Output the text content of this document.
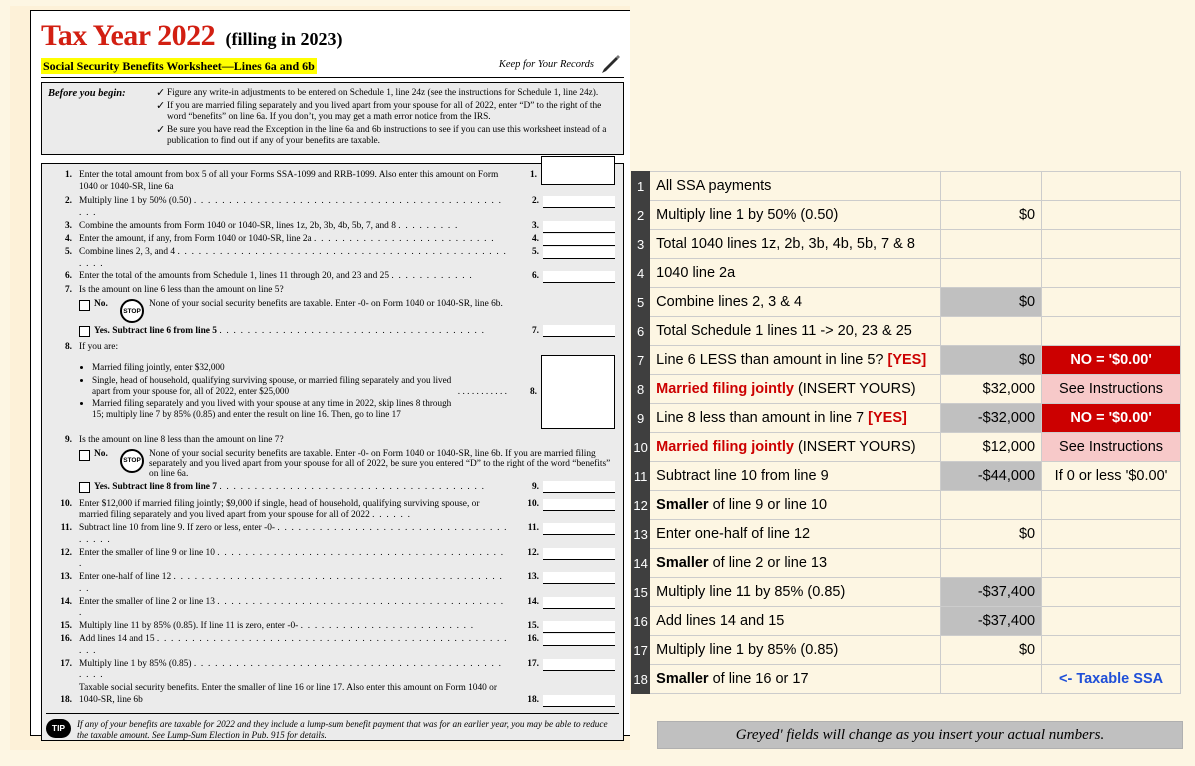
Tax Year 2022 (filling in 2023)
Social Security Benefits Worksheet—Lines 6a and 6b	Keep for Your Records
Before you begin:	✓ Figure any write-in adjustments to be entered on Schedule 1, line 24z (see the instructions for Schedule 1, line 24z).
✓ If you are married filing separately and you lived apart from your spouse for all of 2022, enter “D” to the right of the word “benefits” on line 6a. If you don’t, you may get a math error notice from the IRS.
✓ Be sure you have read the Exception in the line 6a and 6b instructions to see if you can use this worksheet instead of a publication to find out if any of your benefits are taxable.
1. Enter the total amount from box 5 of all your Forms SSA-1099 and RRB-1099. Also enter this amount on Form 1040 or 1040-SR, line 6a
1.
2. Multiply line 1 by 50% (0.50) . . . . . . . . . . . . . . . . . . . . . . . . . . . . . . . . . . . . . . . . . . . . . . .
2.
3. Combine the amounts from Form 1040 or 1040-SR, lines 1z, 2b, 3b, 4b, 5b, 7, and 8 . . . . . . . . .	3.
4. Enter the amount, if any, from Form 1040 or 1040-SR, line 2a . . . . . . . . . . . . . . . . . . . . . . . . . .	4.
5. Combine lines 2, 3, and 4 . . . . . . . . . . . . . . . . . . . . . . . . . . . . . . . . . . . . . . . . . . . . . . . . . . .
5.
6. Enter the total of the amounts from Schedule 1, lines 11 through 20, and 23 and 25 . . . . . . . . . . . .	6.
7. Is the amount on line 6 less than the amount on line 5?
No.
STOP
None of your social security benefits are taxable. Enter -0- on Form 1040 or 1040-SR, line 6b.
Yes. Subtract line 6 from line 5 . . . . . . . . . . . . . . . . . . . . . . . . . . . . . . . . . . . . . .	7.
8. If you are:
• Married filing jointly, enter $32,000
• Single, head of household, qualifying surviving spouse, or married filing separately and you lived apart from your spouse for, all of 2022, enter $25,000
• Married filing separately and you lived with your spouse at any time in 2022, skip lines 8 through 15; multiply line 7 by 85% (0.85) and enter the result on line 16. Then, go to line 17
. . . . . . . . . . .	8.
9. Is the amount on line 8 less than the amount on line 7?
No.
STOP
None of your social security benefits are taxable. Enter -0- on Form 1040 or 1040-SR, line 6b. If you are married filing separately and you lived apart from your spouse for all of 2022, be sure you entered “D” to the right of the word “benefits” on line 6a.
Yes. Subtract line 8 from line 7 . . . . . . . . . . . . . . . . . . . . . . . . . . . . . . . . . . . . . .	9.
10. Enter $12,000 if married filing jointly; $9,000 if single, head of household, qualifying surviving spouse, or married filing separately and you lived apart from your spouse for all of 2022 . . . . . .
10.
11. Subtract line 10 from line 9. If zero or less, enter -0- . . . . . . . . . . . . . . . . . . . . . . . . . . . . . . . . . . . . . .
11.
12. Enter the smaller of line 9 or line 10 . . . . . . . . . . . . . . . . . . . . . . . . . . . . . . . . . . . . . . . . . .
12.
13. Enter one-half of line 12 . . . . . . . . . . . . . . . . . . . . . . . . . . . . . . . . . . . . . . . . . . . . . . . . .
13.
14. Enter the smaller of line 2 or line 13 . . . . . . . . . . . . . . . . . . . . . . . . . . . . . . . . . . . . . . . . . .
14.
15. Multiply line 11 by 85% (0.85). If line 11 is zero, enter -0- . . . . . . . . . . . . . . . . . . . . . . . . .	15.
16. Add lines 14 and 15 . . . . . . . . . . . . . . . . . . . . . . . . . . . . . . . . . . . . . . . . . . . . . . . . . . . . .
16.
17. Multiply line 1 by 85% (0.85) . . . . . . . . . . . . . . . . . . . . . . . . . . . . . . . . . . . . . . . . . . . . . . . .
17.
18.
Taxable social security benefits. Enter the smaller of line 16 or line 17. Also enter this amount on Form 1040 or 1040-SR, line 6b	18.
TIP	If any of your benefits are taxable for 2022 and they include a lump-sum benefit payment that was for an earlier year, you may be able to reduce the taxable amount. See Lump-Sum Election in Pub. 915 for details.
1	All SSA payments		
2	Multiply line 1 by 50% (0.50)	$0	
3	Total 1040 lines 1z, 2b, 3b, 4b, 5b, 7 & 8		
4	1040 line 2a		
5	Combine lines 2, 3 & 4	$0	
6	Total Schedule 1 lines 11 -> 20, 23 & 25		
7	Line 6 LESS than amount in line 5? [YES]	$0	NO = '$0.00'
8	Married filing jointly (INSERT YOURS)	$32,000	See Instructions
9	Line 8 less than amount in line 7 [YES]	-$32,000	NO = '$0.00'
10	Married filing jointly (INSERT YOURS)	$12,000	See Instructions
11	Subtract line 10 from line 9	-$44,000	If 0 or less '$0.00'
12	Smaller of line 9 or line 10		
13	Enter one-half of line 12	$0	
14	Smaller of line 2 or line 13		
15	Multiply line 11 by 85% (0.85)	-$37,400	
16	Add lines 14 and 15	-$37,400	
17	Multiply line 1 by 85% (0.85)	$0	
18	Smaller of line 16 or 17		<- Taxable SSA
Greyed' fields will change as you insert your actual numbers.
